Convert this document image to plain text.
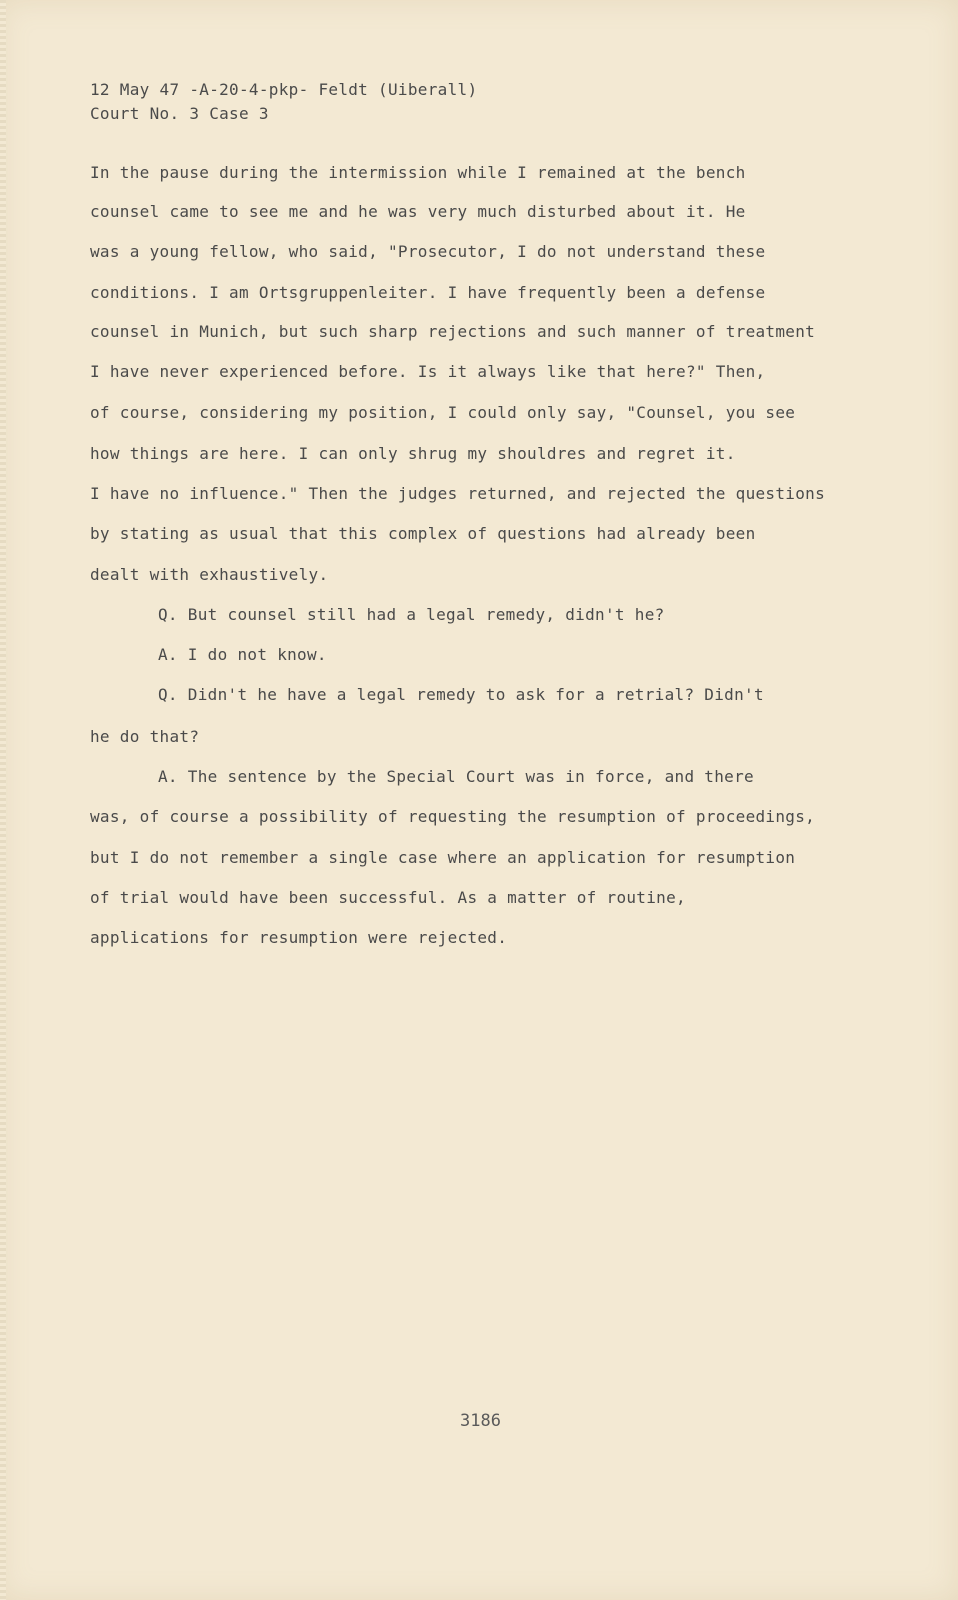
12 May 47 -A-20-4-pkp- Feldt (Uiberall)
Court No. 3 Case 3
In the pause during the intermission while I remained at the bench
counsel came to see me and he was very much disturbed about it. He
was a young fellow, who said, "Prosecutor, I do not understand these
conditions. I am Ortsgruppenleiter. I have frequently been a defense
counsel in Munich, but such sharp rejections and such manner of treatment
I have never experienced before. Is it always like that here?" Then,
of course, considering my position, I could only say, "Counsel, you see
how things are here. I can only shrug my shouldres and regret it.
I have no influence." Then the judges returned, and rejected the questions
by stating as usual that this complex of questions had already been
dealt with exhaustively.
Q. But counsel still had a legal remedy, didn't he?
A. I do not know.
Q. Didn't he have a legal remedy to ask for a retrial? Didn't
he do that?
A. The sentence by the Special Court was in force, and there
was, of course a possibility of requesting the resumption of proceedings,
but I do not remember a single case where an application for resumption
of trial would have been successful. As a matter of routine,
applications for resumption were rejected.
3186
